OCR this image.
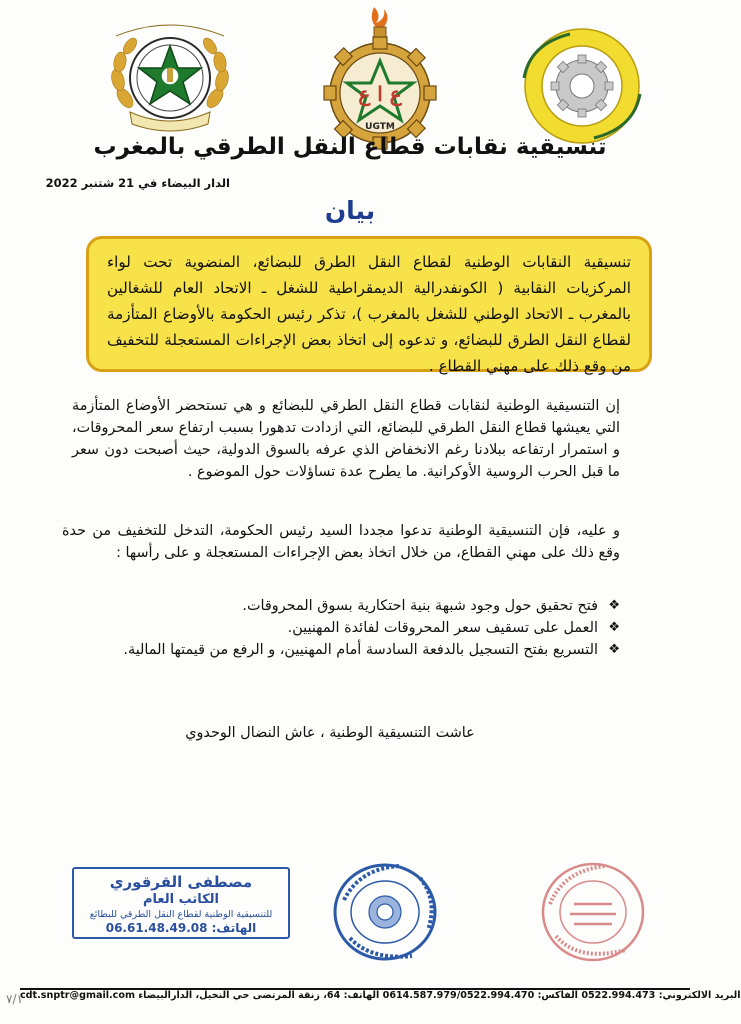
ع ا ع
UGTM
تنسيقية نقابات قطاع النقل الطرقي بالمغرب
الدار البيضاء في 21 شتنبر 2022
بيان
تنسيقية النقابات الوطنية لقطاع النقل الطرق للبضائع، المنضوية تحت لواء المركزيات النقابية ( الكونفدرالية الديمقراطية للشغل ـ الاتحاد العام للشغالين بالمغرب ـ الاتحاد الوطني للشغل بالمغرب )، تذكر رئيس الحكومة بالأوضاع المتأزمة لقطاع النقل الطرق للبضائع، و تدعوه إلى اتخاذ بعض الإجراءات المستعجلة للتخفيف من وقع ذلك على مهني القطاع .
إن التنسيقية الوطنية لنقابات قطاع النقل الطرقي للبضائع و هي تستحضر الأوضاع المتأزمة التي يعيشها قطاع النقل الطرقي للبضائع، التي ازدادت تدهورا بسبب ارتفاع سعر المحروقات، و استمرار ارتفاعه ببلادنا رغم الانخفاض الذي عرفه بالسوق الدولية، حيث أصبحت دون سعر ما قبل الحرب الروسية الأوكرانية. ما يطرح عدة تساؤلات حول الموضوع .
و عليه، فإن التنسيقية الوطنية تدعوا مجددا السيد رئيس الحكومة، التدخل للتخفيف من حدة وقع ذلك على مهني القطاع، من خلال اتخاذ بعض الإجراءات المستعجلة و على رأسها :
❖
فتح تحقيق حول وجود شبهة بنية احتكارية بسوق المحروقات.
❖
العمل على تسقيف سعر المحروقات لفائدة المهنيين.
❖
التسريع بفتح التسجيل بالدفعة السادسة أمام المهنيين، و الرفع من قيمتها المالية.
عاشت التنسيقية الوطنية ، عاش النضال الوحدوي
مصطفى القرقوري
الكاتب العام
للتنسيقية الوطنية لقطاع النقل الطرقي للبطائع
الهاتف: 06.61.48.49.08
cdt.snptr@gmail.com البريد الالكتروني: 0522.994.473 الفاكس: 0614.587.979/0522.994.470 الهاتف: 64، زنقة المرتضى حي النخيل، الدارالبيضاء
٧/١
